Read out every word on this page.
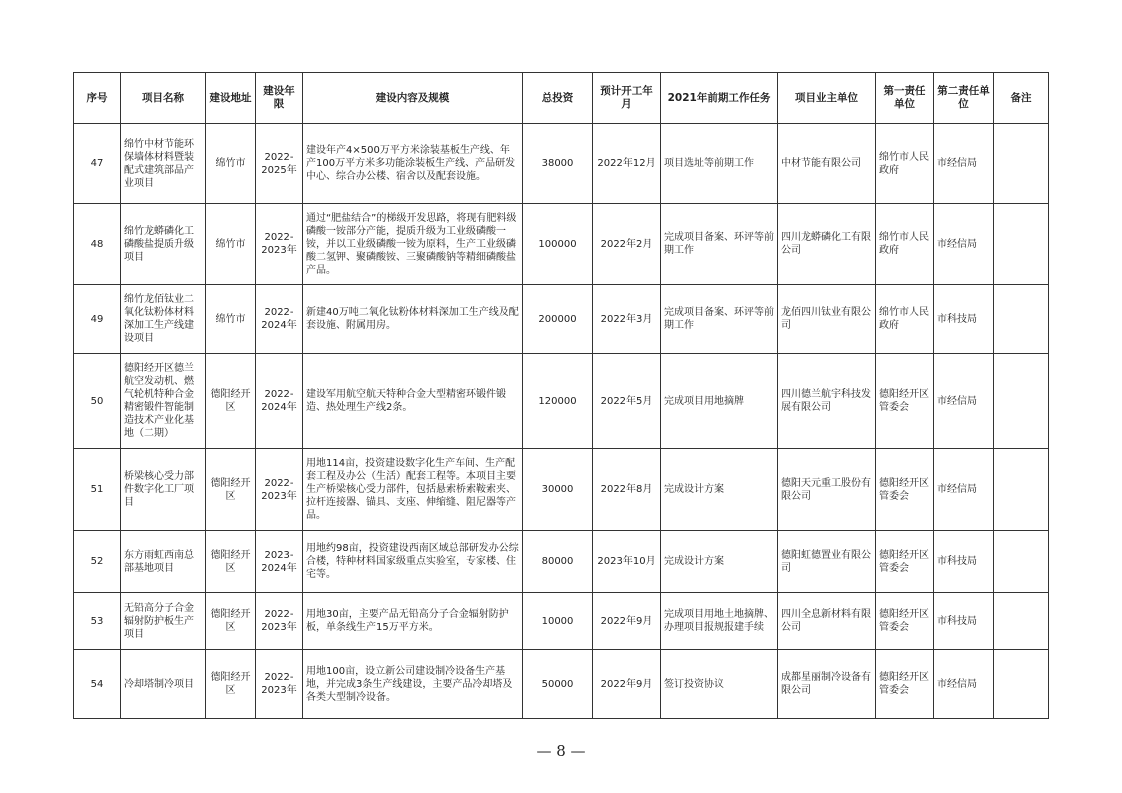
序号	项目名称	建设地址	建设年限	建设内容及规模	总投资	预计开工年月	2021年前期工作任务	项目业主单位	第一责任单位	第二责任单位	备注
47	绵竹中材节能环保墙体材料暨装配式建筑部品产业项目	绵竹市	2022-2025年	建设年产4×500万平方米涂装基板生产线、年产100万平方米多功能涂装板生产线、产品研发中心、综合办公楼、宿舍以及配套设施。	38000	2022年12月	项目选址等前期工作	中材节能有限公司	绵竹市人民政府	市经信局	
48	绵竹龙蟒磷化工磷酸盐提质升级项目	绵竹市	2022-2023年	通过“肥盐结合”的梯级开发思路，将现有肥料级磷酸一铵部分产能，提质升级为工业级磷酸一铵，并以工业级磷酸一铵为原料，生产工业级磷酸二氢钾、聚磷酸铵、三聚磷酸钠等精细磷酸盐产品。	100000	2022年2月	完成项目备案、环评等前期工作	四川龙蟒磷化工有限公司	绵竹市人民政府	市经信局	
49	绵竹龙佰钛业二氧化钛粉体材料深加工生产线建设项目	绵竹市	2022-2024年	新建40万吨二氧化钛粉体材料深加工生产线及配套设施、附属用房。	200000	2022年3月	完成项目备案、环评等前期工作	龙佰四川钛业有限公司	绵竹市人民政府	市科技局	
50	德阳经开区德兰航空发动机、燃气轮机特种合金精密锻件智能制造技术产业化基地（二期）	德阳经开区	2022-2024年	建设军用航空航天特种合金大型精密环锻件锻造、热处理生产线2条。	120000	2022年5月	完成项目用地摘牌	四川德兰航宇科技发展有限公司	德阳经开区管委会	市经信局	
51	桥梁核心受力部件数字化工厂项目	德阳经开区	2022-2023年	用地114亩，投资建设数字化生产车间、生产配套工程及办公（生活）配套工程等。本项目主要生产桥梁核心受力部件，包括悬索桥索鞍索夹、拉杆连接器、锚具、支座、伸缩缝、阻尼器等产品。	30000	2022年8月	完成设计方案	德阳天元重工股份有限公司	德阳经开区管委会	市经信局	
52	东方雨虹西南总部基地项目	德阳经开区	2023-2024年	用地约98亩，投资建设西南区域总部研发办公综合楼，特种材料国家级重点实验室，专家楼、住宅等。	80000	2023年10月	完成设计方案	德阳虹德置业有限公司	德阳经开区管委会	市科技局	
53	无铅高分子合金辐射防护板生产项目	德阳经开区	2022-2023年	用地30亩，主要产品无铅高分子合金辐射防护板，单条线生产15万平方米。	10000	2022年9月	完成项目用地土地摘牌、办理项目报规报建手续	四川全息新材料有限公司	德阳经开区管委会	市科技局	
54	冷却塔制冷项目	德阳经开区	2022-2023年	用地100亩，设立新公司建设制冷设备生产基地，并完成3条生产线建设，主要产品冷却塔及各类大型制冷设备。	50000	2022年9月	签订投资协议	成都星丽制冷设备有限公司	德阳经开区管委会	市经信局	
— 8 —
